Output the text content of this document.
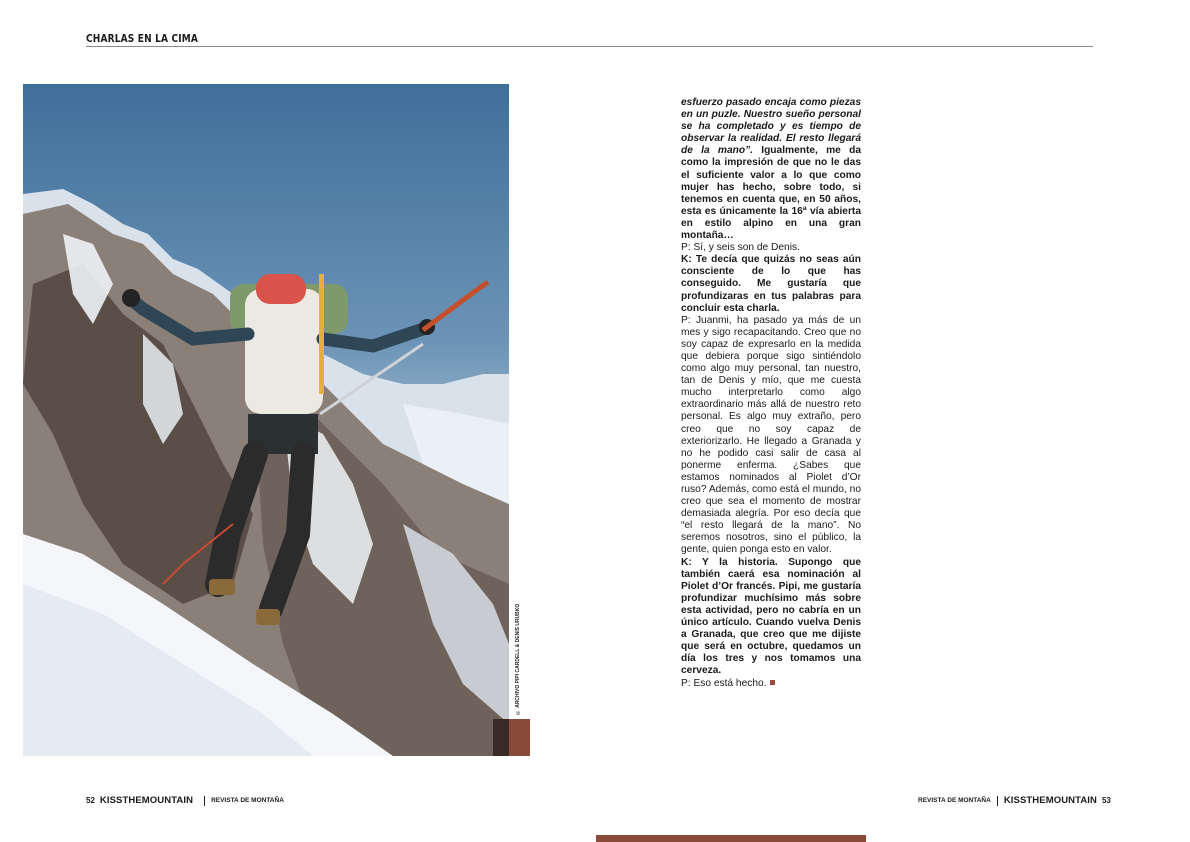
CHARLAS EN LA CIMA
© ARCHIVO PIPI CARDELL & DENIS URUBKO

esfuerzo pasado encaja como piezas en un puzle. Nuestro sueño personal se ha completado y es tiempo de observar la realidad. El resto llegará de la mano”. Igualmente, me da como la impresión de que no le das el suficiente valor a lo que como mujer has hecho, sobre todo, si tenemos en cuenta que, en 50 años, esta es únicamente la 16ª vía abierta en estilo alpino en una gran montaña…

P: Sí, y seis son de Denis.

K: Te decía que quizás no seas aún consciente de lo que has conseguido. Me gustaría que profundizaras en tus palabras para concluir esta charla.

P: Juanmi, ha pasado ya más de un mes y sigo recapacitando. Creo que no soy capaz de expresarlo en la medida que debiera porque sigo sintiéndolo como algo muy personal, tan nuestro, tan de Denis y mío, que me cuesta mucho interpretarlo como algo extraordinario más allá de nuestro reto personal. Es algo muy extraño, pero creo que no soy capaz de exteriorizarlo. He llegado a Granada y no he podido casi salir de casa al ponerme enferma. ¿Sabes que estamos nominados al Piolet d’Or ruso? Además, como está el mundo, no creo que sea el momento de mostrar demasiada alegría. Por eso decía que “el resto llegará de la mano”. No seremos nosotros, sino el público, la gente, quien ponga esto en valor.

K: Y la historia. Supongo que también caerá esa nominación al Piolet d’Or francés. Pipi, me gustaría profundizar muchísimo más sobre esta actividad, pero no cabría en un único artículo. Cuando vuelva Denis a Granada, que creo que me dijiste que será en octubre, quedamos un día los tres y nos tomamos una cerveza.

P: Eso está hecho.

52 KISSTHEMOUNTAIN	REVISTA DE MONTAÑA	REVISTA DE MONTAÑA KISSTHEMOUNTAIN 53
